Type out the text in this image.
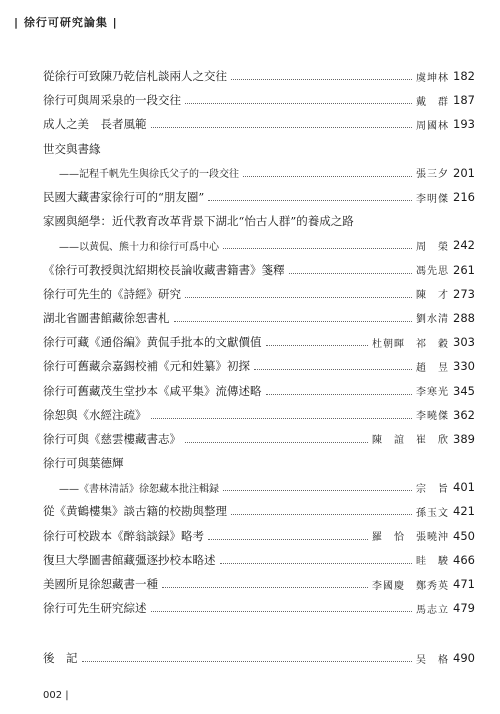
| 徐行可研究論集 |
從徐行可致陳乃乾信札談兩人之交往	虞坤林 182
徐行可與周采泉的一段交往	戴　群 187
成人之美　長者風範	周國林 193
世交與書緣
——記程千帆先生與徐氏父子的一段交往	張三夕 201
民國大藏書家徐行可的“朋友圈”	李明傑 216
家國與絕學：近代教育改革背景下湖北“怡古人群”的養成之路
——以黄侃、熊十力和徐行可爲中心	周　榮 242
《徐行可教授與沈紹期校長論收藏書籍書》箋釋	馮先思 261
徐行可先生的《詩經》研究	陳　才 273
湖北省圖書館藏徐恕書札	劉水清 288
徐行可藏《通俗編》黄侃手批本的文獻價值	杜朝暉　祁　穀 303
徐行可舊藏佘嘉錫校補《元和姓纂》初探	趙　昱 330
徐行可舊藏茂生堂抄本《咸平集》流傳述略	李寒光 345
徐恕與《水經注疏》	李曉傑 362
徐行可與《慈雲樓藏書志》	陳　誼　崔　欣 389
徐行可與葉德輝
——《書林清話》徐恕藏本批注輯録	宗　旨 401
從《黄鶴樓集》談古籍的校勘與整理	孫玉文 421
徐行可校跋本《醉翁談録》略考	羅　恰　張曉沖 450
復旦大學圖書館藏彊逐抄校本略述	眭　駿 466
美國所見徐恕藏書一種	李國慶　鄭秀英 471
徐行可先生研究綜述	馬志立 479
後　記	吴　格 490
002 |
